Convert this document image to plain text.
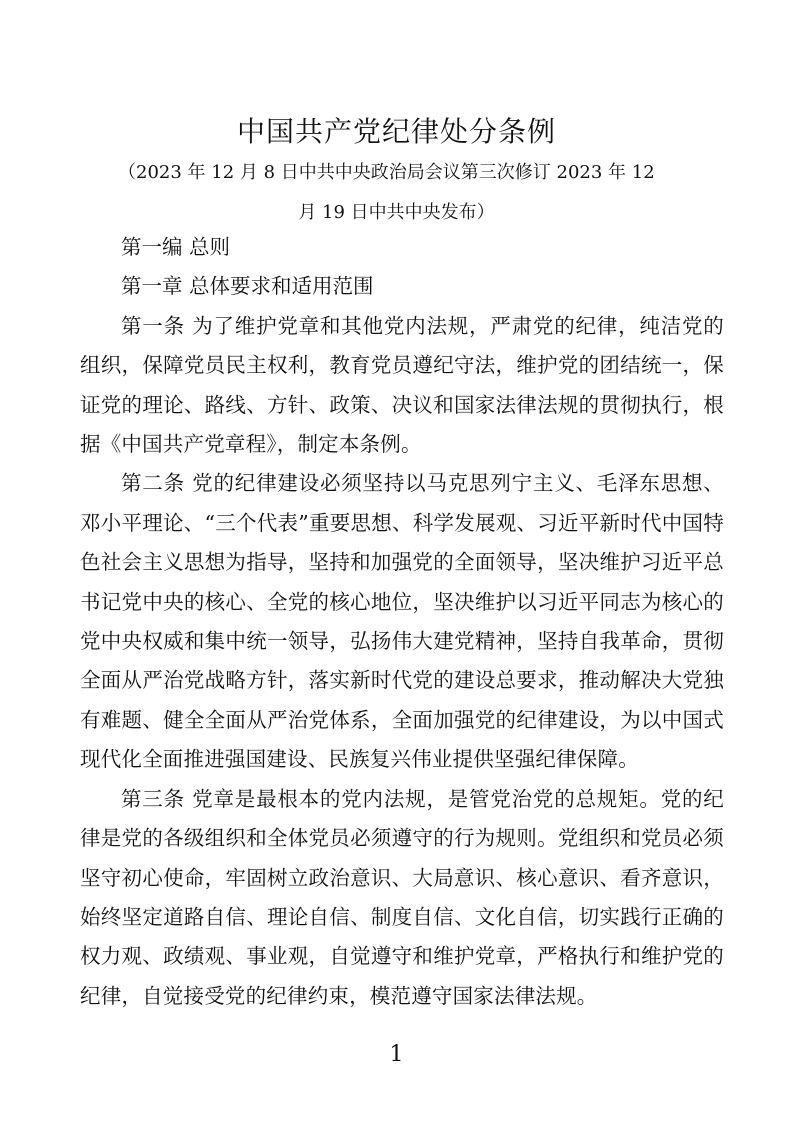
中国共产党纪律处分条例
（2023 年 12 月 8 日中共中央政治局会议第三次修订 2023 年 12
月 19 日中共中央发布）

第一编 总则

第一章 总体要求和适用范围

第一条 为了维护党章和其他党内法规，严肃党的纪律，纯洁党的组织，保障党员民主权利，教育党员遵纪守法，维护党的团结统一，保证党的理论、路线、方针、政策、决议和国家法律法规的贯彻执行，根据《中国共产党章程》，制定本条例。

第二条 党的纪律建设必须坚持以马克思列宁主义、毛泽东思想、邓小平理论、“三个代表”重要思想、科学发展观、习近平新时代中国特色社会主义思想为指导，坚持和加强党的全面领导，坚决维护习近平总书记党中央的核心、全党的核心地位，坚决维护以习近平同志为核心的党中央权威和集中统一领导，弘扬伟大建党精神，坚持自我革命，贯彻全面从严治党战略方针，落实新时代党的建设总要求，推动解决大党独有难题、健全全面从严治党体系，全面加强党的纪律建设，为以中国式现代化全面推进强国建设、民族复兴伟业提供坚强纪律保障。

第三条 党章是最根本的党内法规，是管党治党的总规矩。党的纪律是党的各级组织和全体党员必须遵守的行为规则。党组织和党员必须坚守初心使命，牢固树立政治意识、大局意识、核心意识、看齐意识，始终坚定道路自信、理论自信、制度自信、文化自信，切实践行正确的权力观、政绩观、事业观，自觉遵守和维护党章，严格执行和维护党的纪律，自觉接受党的纪律约束，模范遵守国家法律法规。

1
